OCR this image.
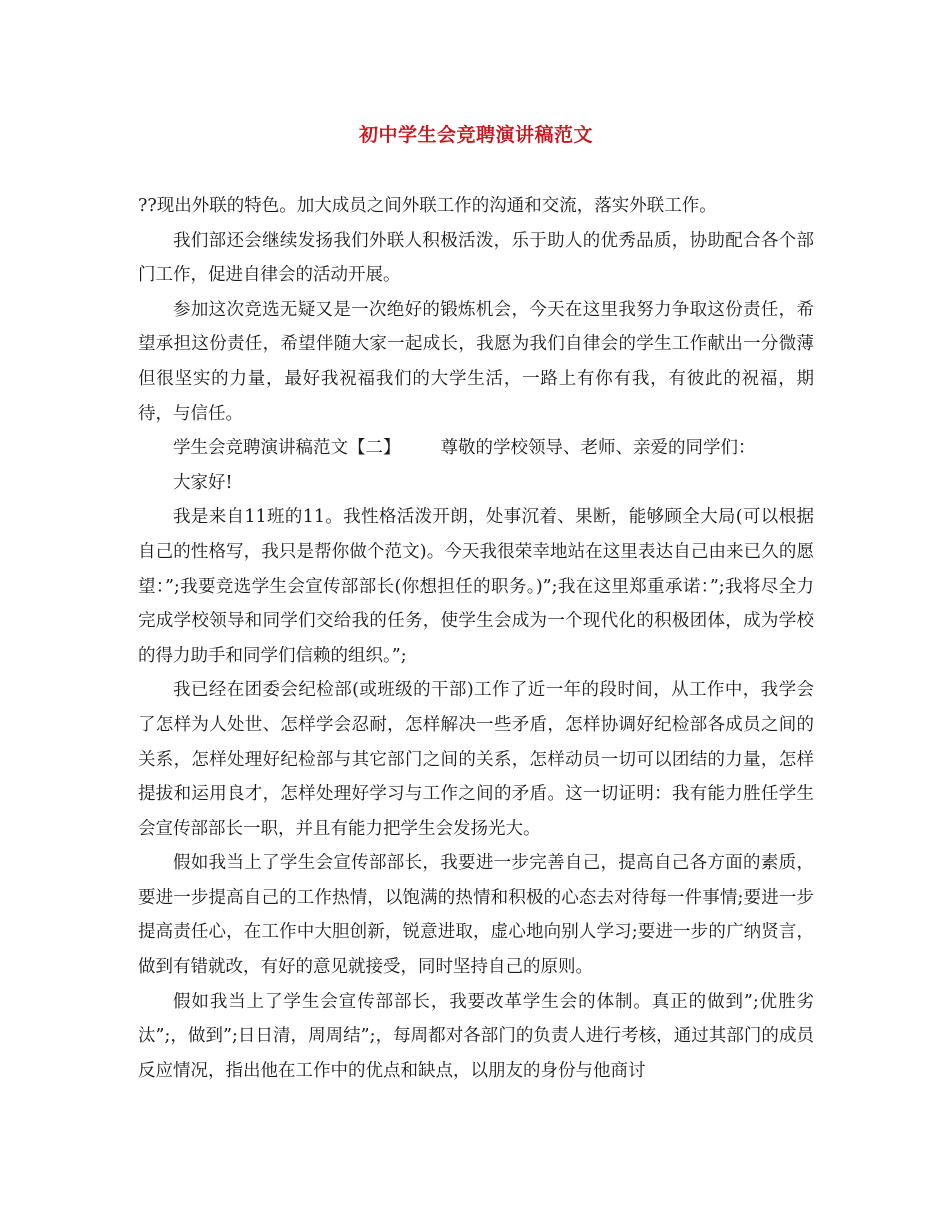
初中学生会竞聘演讲稿范文

??现出外联的特色。加大成员之间外联工作的沟通和交流，落实外联工作。

我们部还会继续发扬我们外联人积极活泼，乐于助人的优秀品质，协助配合各个部门工作，促进自律会的活动开展。

参加这次竞选无疑又是一次绝好的锻炼机会，今天在这里我努力争取这份责任，希望承担这份责任，希望伴随大家一起成长，我愿为我们自律会的学生工作献出一分微薄但很坚实的力量，最好我祝福我们的大学生活，一路上有你有我，有彼此的祝福，期待，与信任。

学生会竞聘演讲稿范文【二】 尊敬的学校领导、老师、亲爱的同学们：

大家好!

我是来自11班的11。我性格活泼开朗，处事沉着、果断，能够顾全大局(可以根据自己的性格写，我只是帮你做个范文)。今天我很荣幸地站在这里表达自己由来已久的愿望：”;我要竞选学生会宣传部部长(你想担任的职务。)”;我在这里郑重承诺：”;我将尽全力完成学校领导和同学们交给我的任务，使学生会成为一个现代化的积极团体，成为学校的得力助手和同学们信赖的组织。”;

我已经在团委会纪检部(或班级的干部)工作了近一年的段时间，从工作中，我学会了怎样为人处世、怎样学会忍耐，怎样解决一些矛盾，怎样协调好纪检部各成员之间的关系，怎样处理好纪检部与其它部门之间的关系，怎样动员一切可以团结的力量，怎样提拔和运用良才，怎样处理好学习与工作之间的矛盾。这一切证明：我有能力胜任学生会宣传部部长一职，并且有能力把学生会发扬光大。

假如我当上了学生会宣传部部长，我要进一步完善自己，提高自己各方面的素质，要进一步提高自己的工作热情，以饱满的热情和积极的心态去对待每一件事情;要进一步提高责任心，在工作中大胆创新，锐意进取，虚心地向别人学习;要进一步的广纳贤言，做到有错就改，有好的意见就接受，同时坚持自己的原则。

假如我当上了学生会宣传部部长，我要改革学生会的体制。真正的做到”;优胜劣汰”;，做到”;日日清，周周结”;，每周都对各部门的负责人进行考核，通过其部门的成员反应情况，指出他在工作中的优点和缺点，以朋友的身份与他商讨
